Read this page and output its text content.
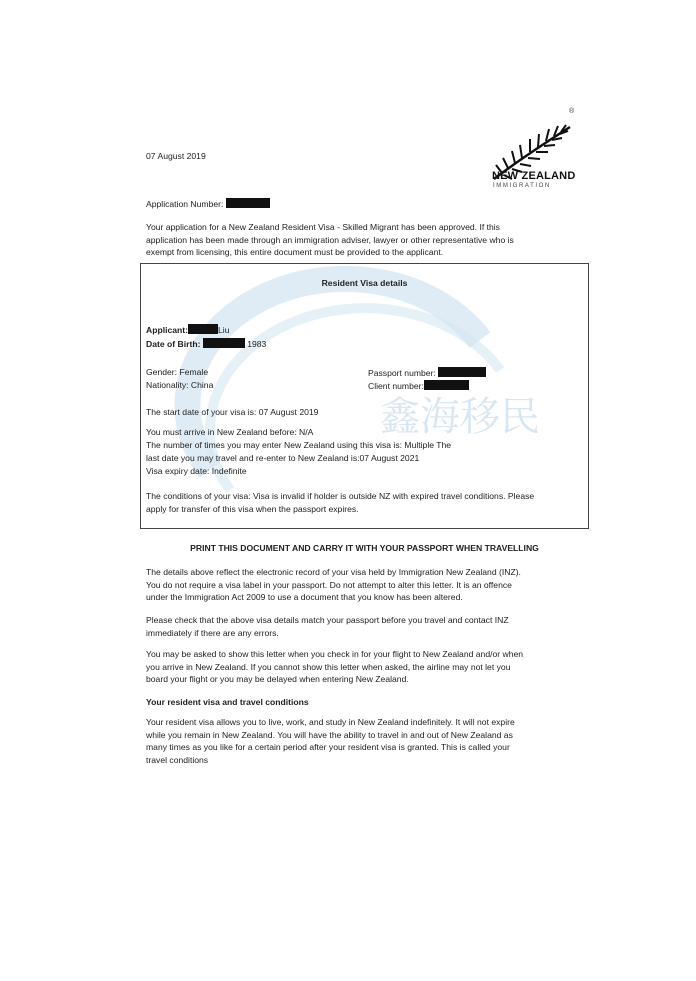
鑫海移民
®
NEW ZEALAND
IMMIGRATION
07 August 2019
Application Number:
Your application for a New Zealand Resident Visa - Skilled Migrant has been approved. If this
application has been made through an immigration adviser, lawyer or other representative who is
exempt from licensing, this entire document must be provided to the applicant.
Resident Visa details
Applicant:	Liu
Date of Birth:	1983
Gender: Female
Nationality: China
Passport number:
Client number:
The start date of your visa is: 07 August 2019
You must arrive in New Zealand before: N/A
The number of times you may enter New Zealand using this visa is: Multiple The
last date you may travel and re-enter to New Zealand is:07 August 2021
Visa expiry date: Indefinite
The conditions of your visa: Visa is invalid if holder is outside NZ with expired travel conditions. Please
apply for transfer of this visa when the passport expires.
PRINT THIS DOCUMENT AND CARRY IT WITH YOUR PASSPORT WHEN TRAVELLING
The details above reflect the electronic record of your visa held by Immigration New Zealand (INZ).
You do not require a visa label in your passport. Do not attempt to alter this letter. It is an offence
under the Immigration Act 2009 to use a document that you know has been altered.
Please check that the above visa details match your passport before you travel and contact INZ
immediately if there are any errors.
You may be asked to show this letter when you check in for your flight to New Zealand and/or when
you arrive in New Zealand. If you cannot show this letter when asked, the airline may not let you
board your flight or you may be delayed when entering New Zealand.
Your resident visa and travel conditions
Your resident visa allows you to live, work, and study in New Zealand indefinitely. It will not expire
while you remain in New Zealand. You will have the ability to travel in and out of New Zealand as
many times as you like for a certain period after your resident visa is granted. This is called your
travel conditions
